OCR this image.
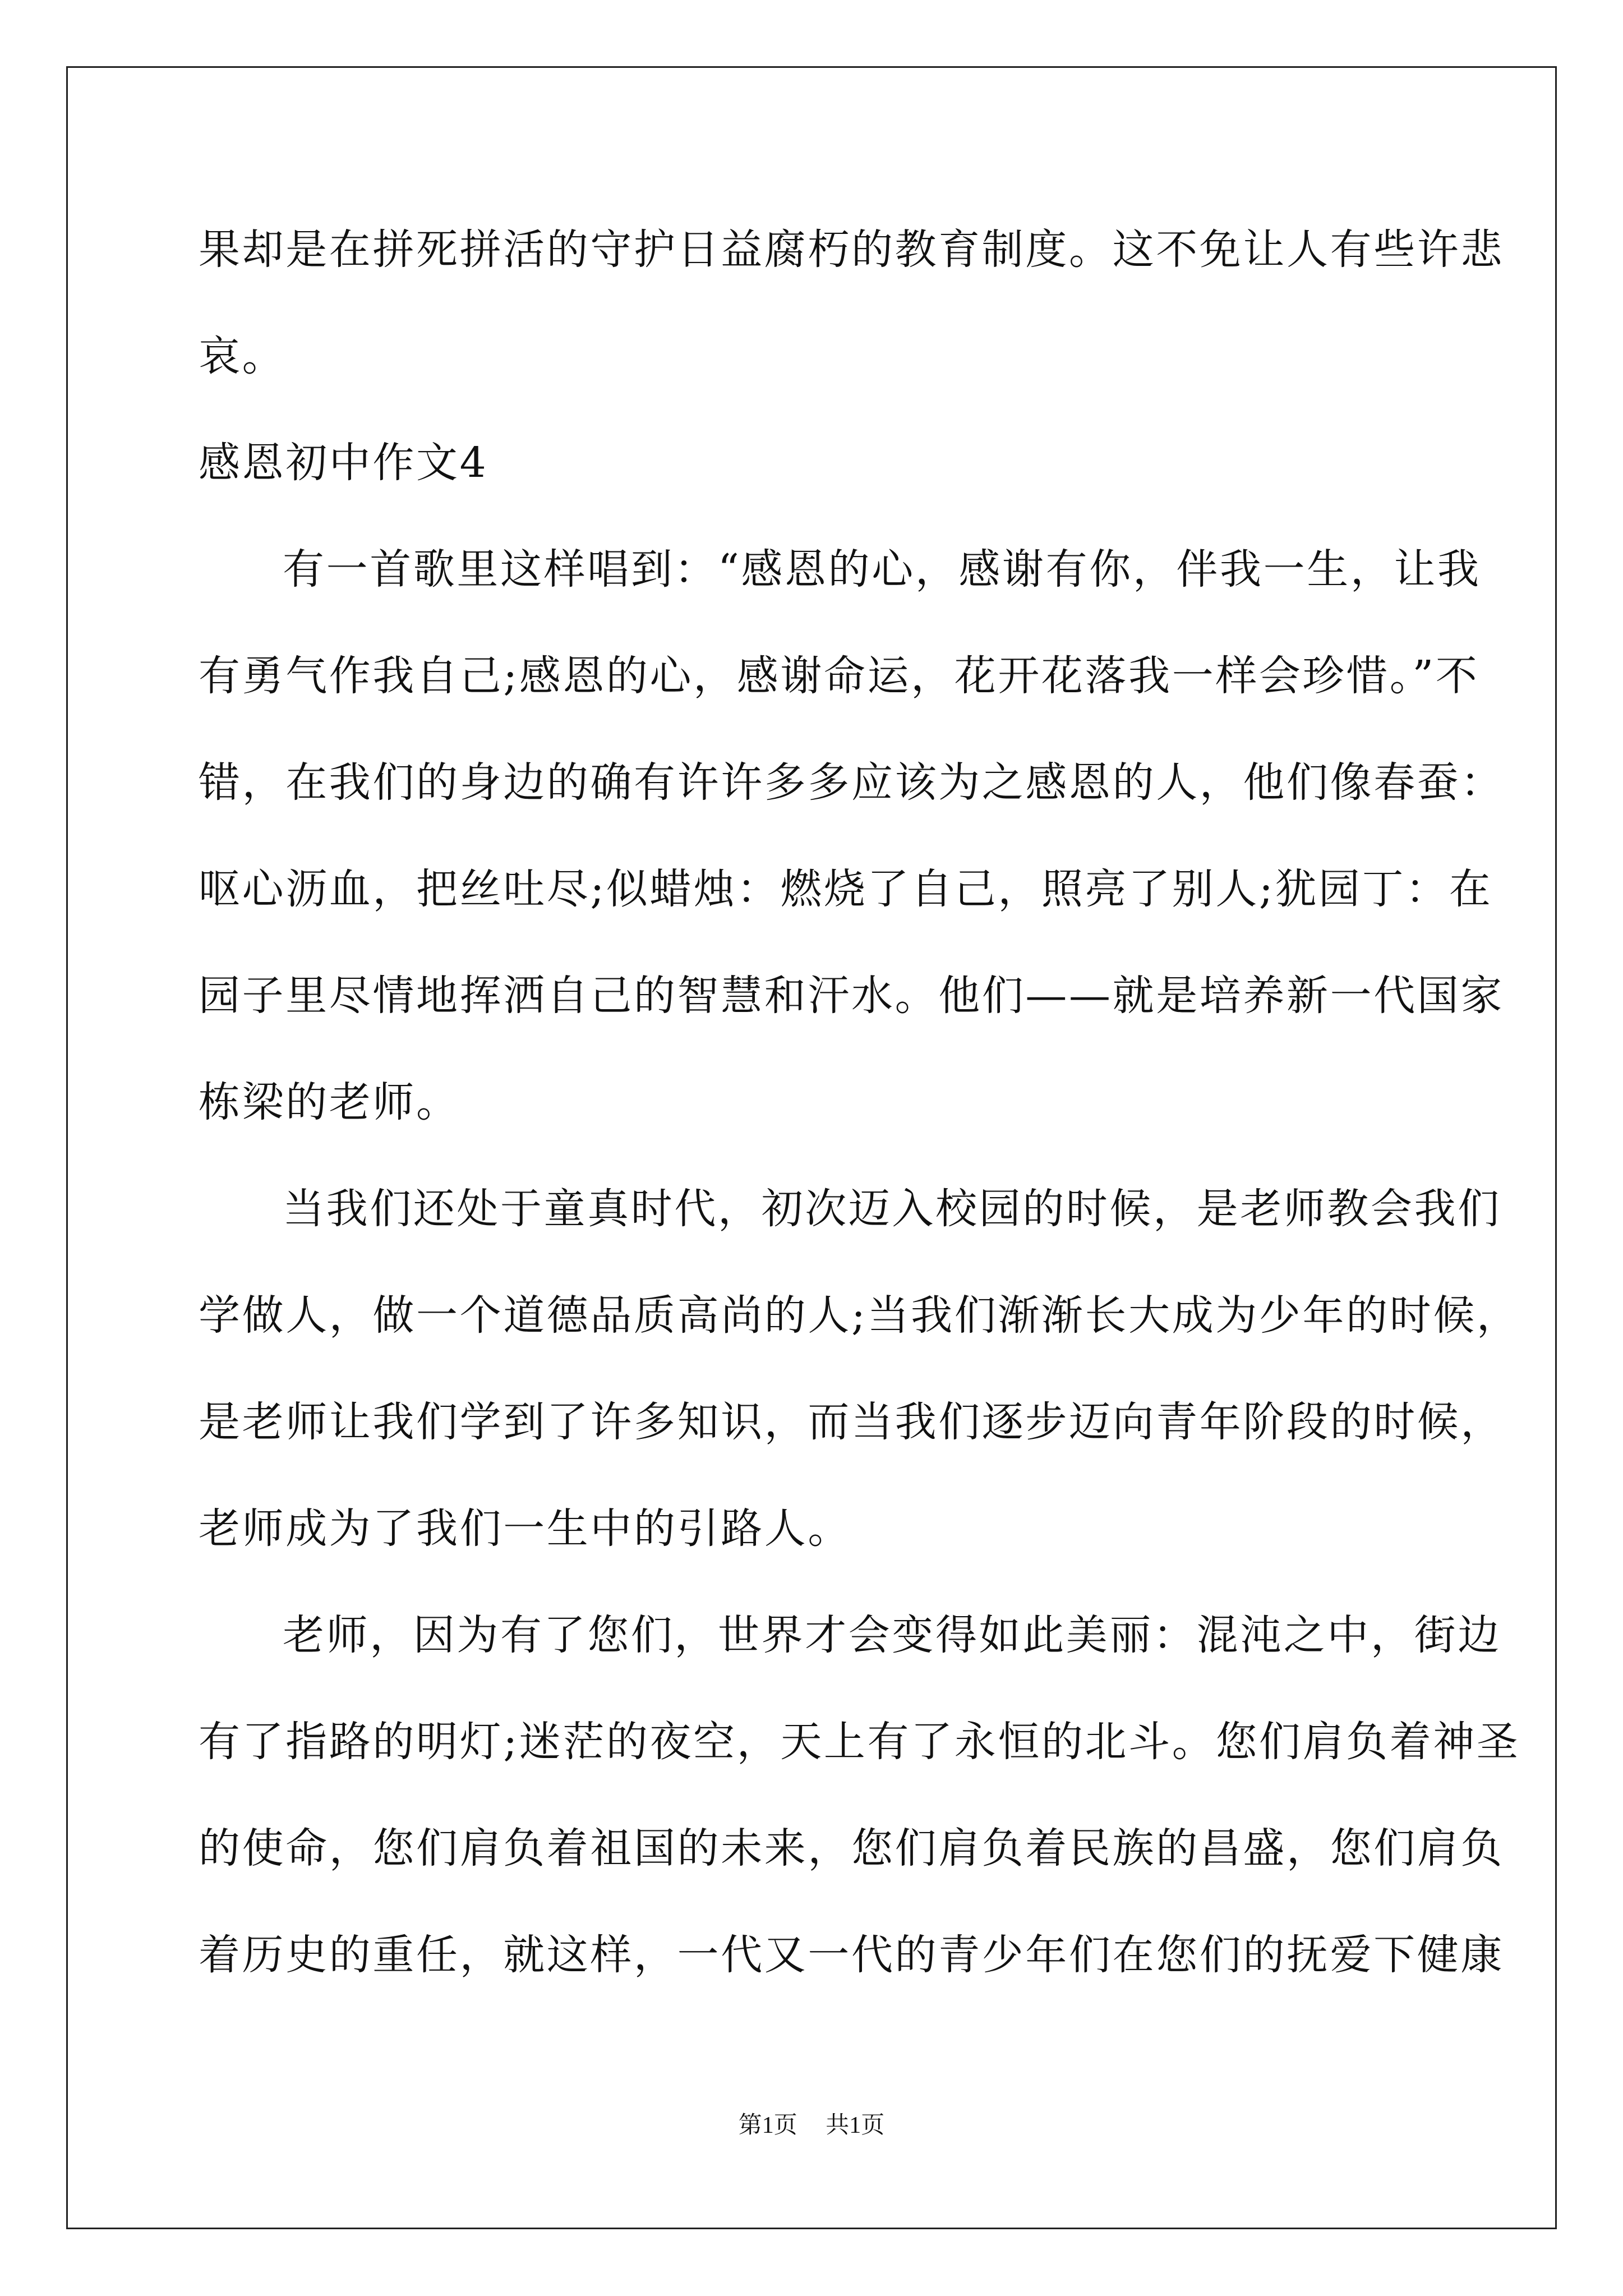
果却是在拼死拼活的守护日益腐朽的教育制度。这不免让人有些许悲
哀。
感恩初中作文4
有一首歌里这样唱到：“感恩的心，感谢有你，伴我一生，让我
有勇气作我自己;感恩的心，感谢命运，花开花落我一样会珍惜。”不
错，在我们的身边的确有许许多多应该为之感恩的人，他们像春蚕：
呕心沥血，把丝吐尽;似蜡烛：燃烧了自己，照亮了别人;犹园丁：在
园子里尽情地挥洒自己的智慧和汗水。他们——就是培养新一代国家
栋梁的老师。
当我们还处于童真时代，初次迈入校园的时候，是老师教会我们
学做人，做一个道德品质高尚的人;当我们渐渐长大成为少年的时候，
是老师让我们学到了许多知识，而当我们逐步迈向青年阶段的时候，
老师成为了我们一生中的引路人。
老师，因为有了您们，世界才会变得如此美丽：混沌之中，街边
有了指路的明灯;迷茫的夜空，天上有了永恒的北斗。您们肩负着神圣
的使命，您们肩负着祖国的未来，您们肩负着民族的昌盛，您们肩负
着历史的重任，就这样，一代又一代的青少年们在您们的抚爱下健康
第1页 共1页
